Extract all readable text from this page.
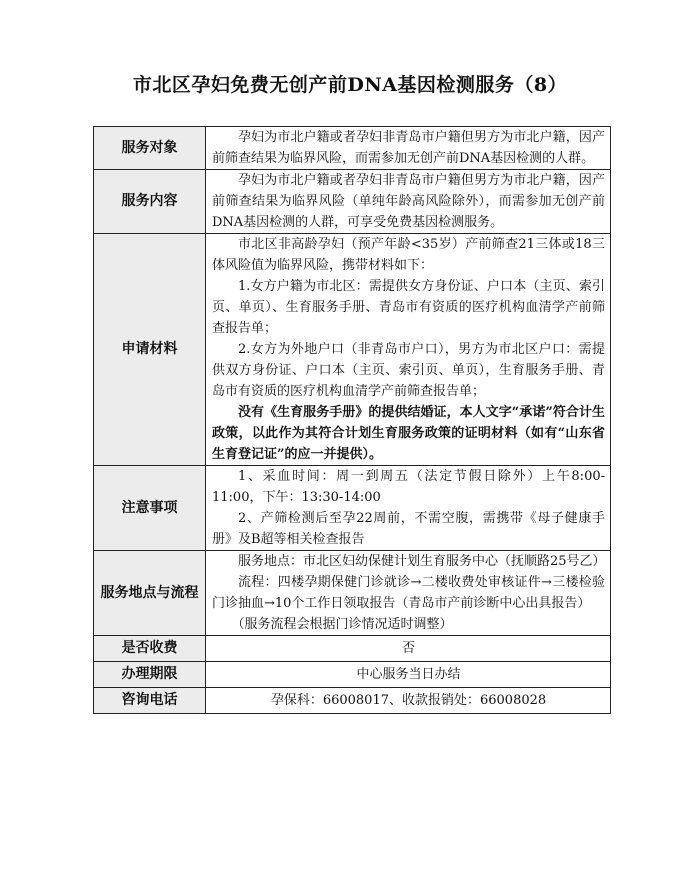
市北区孕妇免费无创产前DNA基因检测服务（8）
服务对象	孕妇为市北户籍或者孕妇非青岛市户籍但男方为市北户籍，因产前筛查结果为临界风险，而需参加无创产前DNA基因检测的人群。

服务内容	孕妇为市北户籍或者孕妇非青岛市户籍但男方为市北户籍，因产前筛查结果为临界风险（单纯年龄高风险除外），而需参加无创产前DNA基因检测的人群，可享受免费基因检测服务。

申请材料	市北区非高龄孕妇（预产年龄<35岁）产前筛查21三体或18三体风险值为临界风险，携带材料如下：

1.女方户籍为市北区：需提供女方身份证、户口本（主页、索引页、单页）、生育服务手册、青岛市有资质的医疗机构血清学产前筛查报告单；

2.女方为外地户口（非青岛市户口），男方为市北区户口：需提供双方身份证、户口本（主页、索引页、单页），生育服务手册、青岛市有资质的医疗机构血清学产前筛查报告单；

没有《生育服务手册》的提供结婚证，本人文字“承诺”符合计生政策，以此作为其符合计划生育服务政策的证明材料（如有“山东省生育登记证”的应一并提供）。

注意事项	1、采血时间：周一到周五（法定节假日除外）上午8:00-11:00，下午：13:30-14:00

2、产筛检测后至孕22周前，不需空腹，需携带《母子健康手册》及B超等相关检查报告

服务地点与流程	服务地点：市北区妇幼保健计划生育服务中心（抚顺路25号乙）

流程：四楼孕期保健门诊就诊→二楼收费处审核证件→三楼检验门诊抽血→10个工作日领取报告（青岛市产前诊断中心出具报告）

（服务流程会根据门诊情况适时调整）

是否收费	否

办理期限	中心服务当日办结

咨询电话	孕保科：66008017、收款报销处：66008028
